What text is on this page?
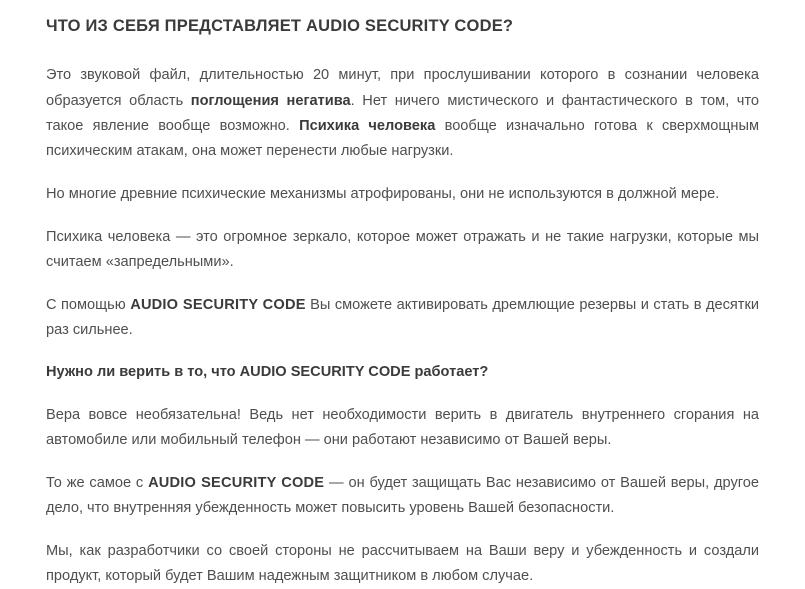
ЧТО ИЗ СЕБЯ ПРЕДСТАВЛЯЕТ AUDIO SECURITY CODE?

Это звуковой файл, длительностью 20 минут, при прослушивании которого в сознании человека образуется область поглощения негатива. Нет ничего мистического и фантастического в том, что такое явление вообще возможно. Психика человека вообще изначально готова к сверхмощным психическим атакам, она может перенести любые нагрузки.

Но многие древние психические механизмы атрофированы, они не используются в должной мере.

Психика человека — это огромное зеркало, которое может отражать и не такие нагрузки, которые мы считаем «запредельными».

С помощью AUDIO SECURITY CODE Вы сможете активировать дремлющие резервы и стать в десятки раз сильнее.

Нужно ли верить в то, что AUDIO SECURITY CODE работает?

Вера вовсе необязательна! Ведь нет необходимости верить в двигатель внутреннего сгорания на автомобиле или мобильный телефон — они работают независимо от Вашей веры.

То же самое с AUDIO SECURITY CODE — он будет защищать Вас независимо от Вашей веры, другое дело, что внутренняя убежденность может повысить уровень Вашей безопасности.

Мы, как разработчики со своей стороны не рассчитываем на Ваши веру и убежденность и создали продукт, который будет Вашим надежным защитником в любом случае.
